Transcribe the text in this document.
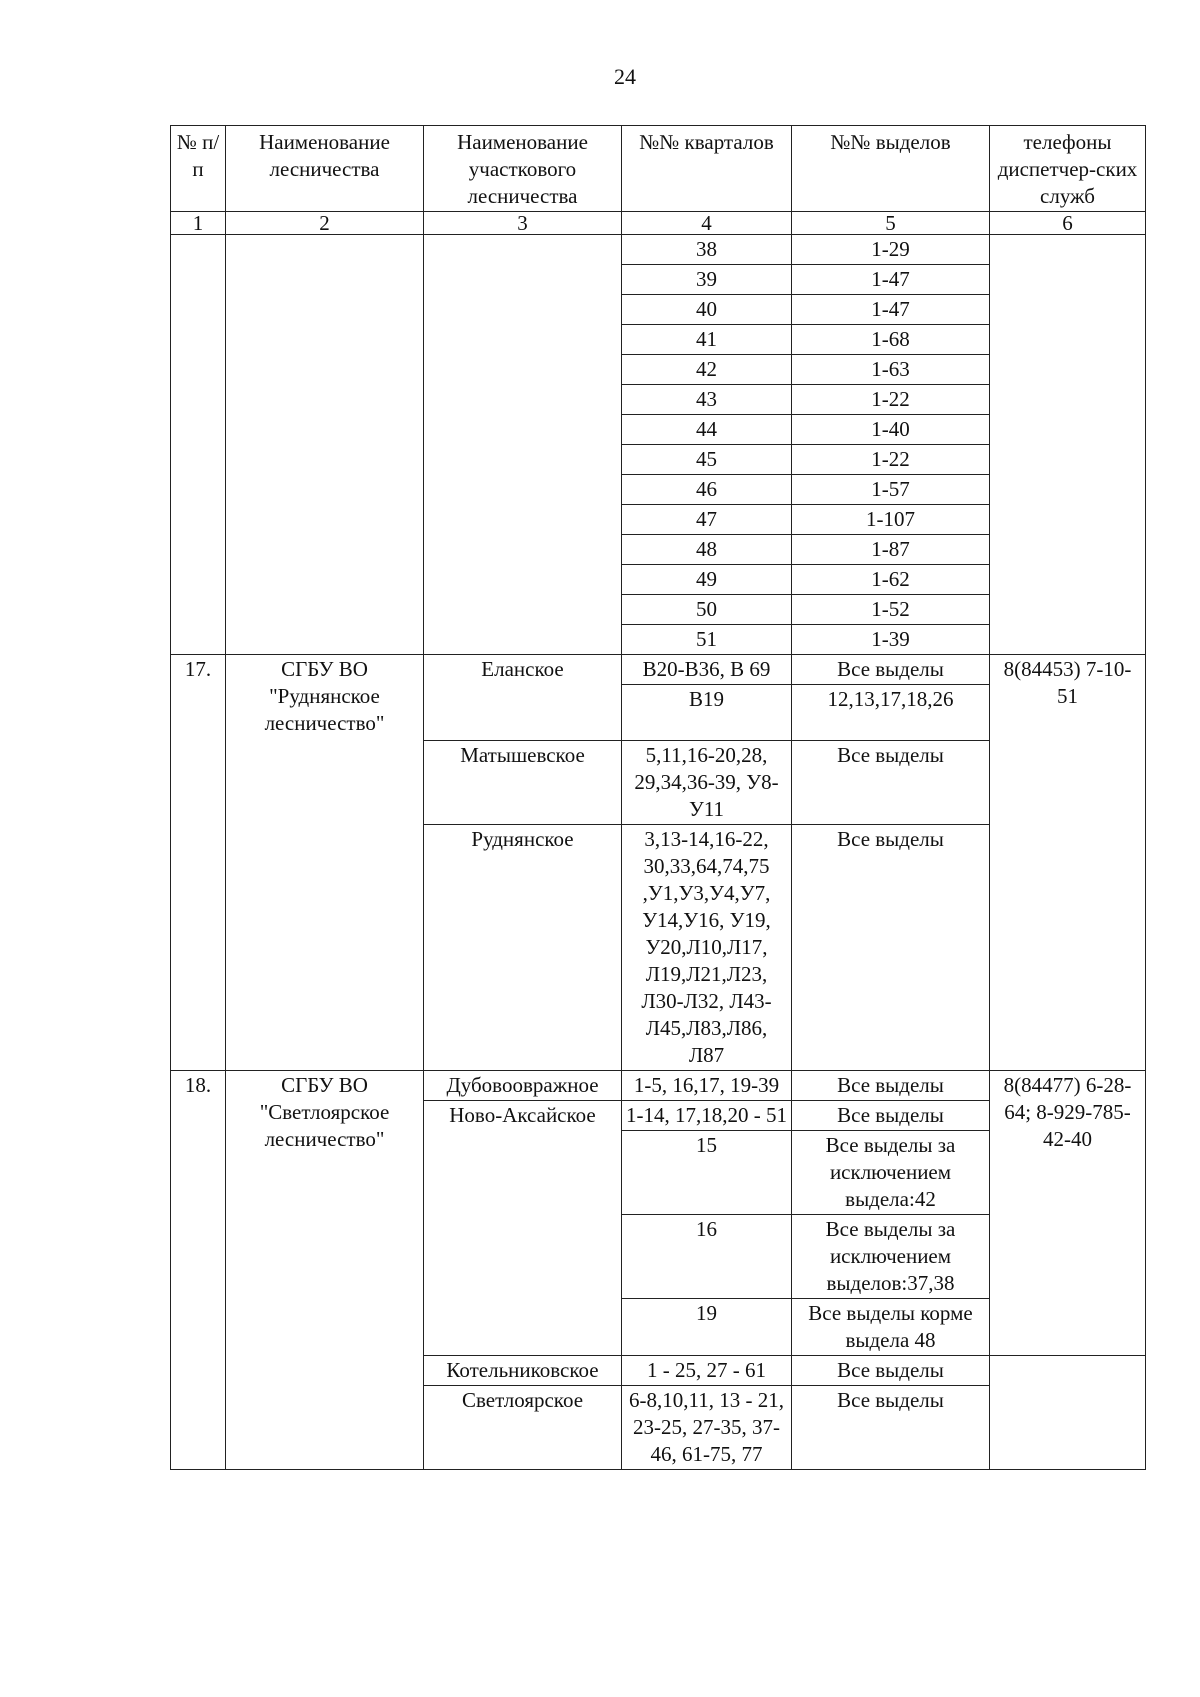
24
№ п/п	Наименование лесничества	Наименование участкового лесничества	№№ кварталов	№№ выделов	телефоны диспетчер-ских служб
1	2	3	4	5	6
			38	1-29	
			39	1-47	
			40	1-47	
			41	1-68	
			42	1-63	
			43	1-22	
			44	1-40	
			45	1-22	
			46	1-57	
			47	1-107	
			48	1-87	
			49	1-62	
			50	1-52	
			51	1-39	
17.	СГБУ ВО "Руднянское лесничество"	Еланское	В20-В36, В 69	Все выделы	8(84453) 7-10-51
			В19	12,13,17,18,26	
		Матышевское	5,11,16-20,28, 29,34,36-39, У8-У11	Все выделы	
		Руднянское	3,13-14,16-22, 30,33,64,74,75 ,У1,У3,У4,У7, У14,У16, У19, У20,Л10,Л17, Л19,Л21,Л23, Л30-Л32, Л43-Л45,Л83,Л86, Л87	Все выделы	
18.	СГБУ ВО "Светлоярское лесничество"	Дубовоовражное	1-5, 16,17, 19-39	Все выделы	8(84477) 6-28-64; 8-929-785-42-40
		Ново-Аксайское	1-14, 17,18,20 - 51	Все выделы	
			15	Все выделы за исключением выдела:42	
			16	Все выделы за исключением выделов:37,38	
			19	Все выделы корме выдела 48	
		Котельниковское	1 - 25, 27 - 61	Все выделы	
		Светлоярское	6-8,10,11, 13 - 21, 23-25, 27-35, 37- 46, 61-75, 77	Все выделы	
